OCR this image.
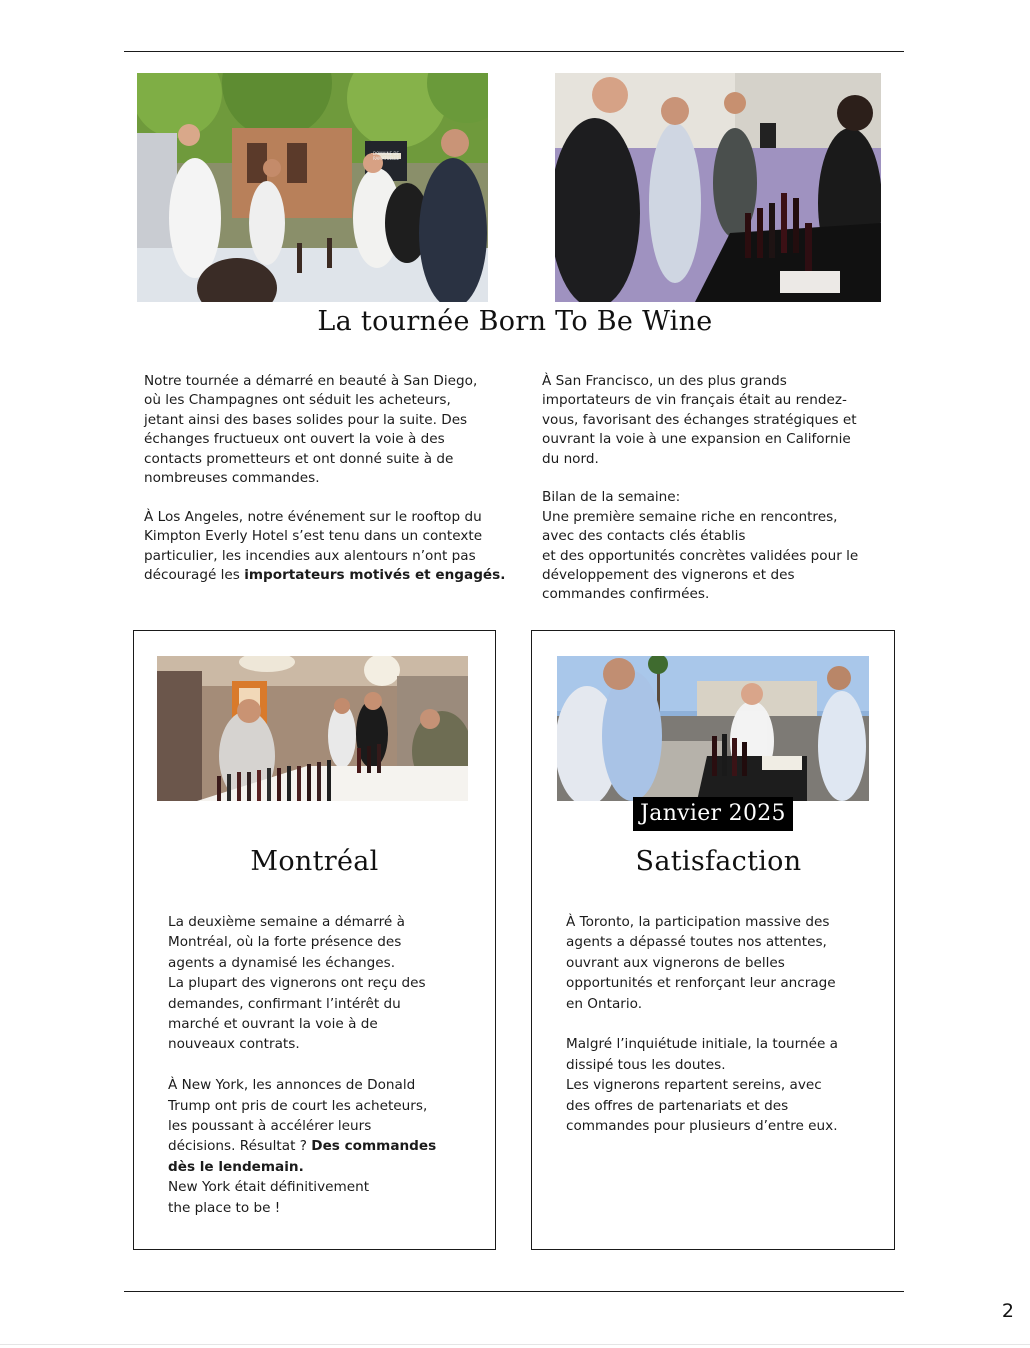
DOMAINE DE RAMATUELLE
La tournée Born To Be Wine
Notre tournée a démarré en beauté à San Diego,
où les Champagnes ont séduit les acheteurs,
jetant ainsi des bases solides pour la suite. Des
échanges fructueux ont ouvert la voie à des
contacts prometteurs et ont donné suite à de
nombreuses commandes.

À Los Angeles, notre événement sur le rooftop du
Kimpton Everly Hotel s’est tenu dans un contexte
particulier, les incendies aux alentours n’ont pas
découragé les importateurs motivés et engagés.
À San Francisco, un des plus grands
importateurs de vin français était au rendez-
vous, favorisant des échanges stratégiques et
ouvrant la voie à une expansion en Californie
du nord.

Bilan de la semaine:
Une première semaine riche en rencontres,
avec des contacts clés établis
et des opportunités concrètes validées pour le
développement des vignerons et des
commandes confirmées.
Montréal
La deuxième semaine a démarré à
Montréal, où la forte présence des
agents a dynamisé les échanges.
La plupart des vignerons ont reçu des
demandes, confirmant l’intérêt du
marché et ouvrant la voie à de
nouveaux contrats.

À New York, les annonces de Donald
Trump ont pris de court les acheteurs,
les poussant à accélérer leurs
décisions. Résultat ? Des commandes
dès le lendemain.
New York était définitivement
the place to be !
Janvier 2025
Satisfaction
À Toronto, la participation massive des
agents a dépassé toutes nos attentes,
ouvrant aux vignerons de belles
opportunités et renforçant leur ancrage
en Ontario.

Malgré l’inquiétude initiale, la tournée a
dissipé tous les doutes.
Les vignerons repartent sereins, avec
des offres de partenariats et des
commandes pour plusieurs d’entre eux.
2
